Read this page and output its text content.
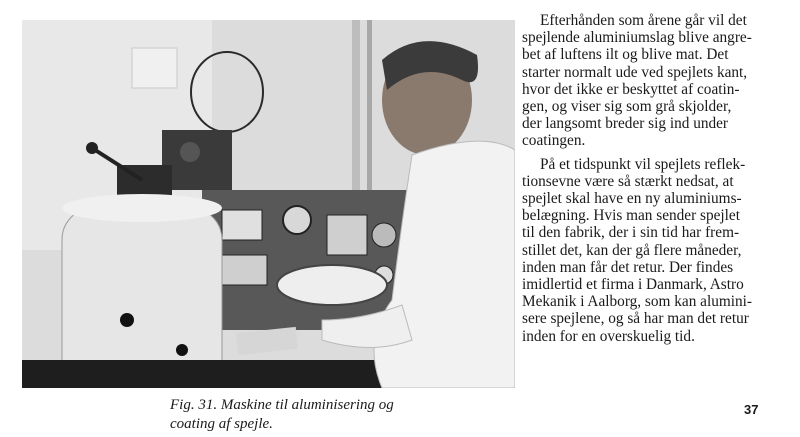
Fig. 31. Maskine til aluminisering og
coating af spejle.
Efterhånden som årene går vil det
spejlende aluminiumslag blive angre-
bet af luftens ilt og blive mat. Det
starter normalt ude ved spejlets kant,
hvor det ikke er beskyttet af coatin-
gen, og viser sig som grå skjolder,
der langsomt breder sig ind under
coatingen.
På et tidspunkt vil spejlets reflek-
tionsevne være så stærkt nedsat, at
spejlet skal have en ny aluminiums-
belægning. Hvis man sender spejlet
til den fabrik, der i sin tid har frem-
stillet det, kan der gå flere måneder,
inden man får det retur. Der findes
imidlertid et firma i Danmark, Astro
Mekanik i Aalborg, som kan alumini-
sere spejlene, og så har man det retur
inden for en overskuelig tid.
37
